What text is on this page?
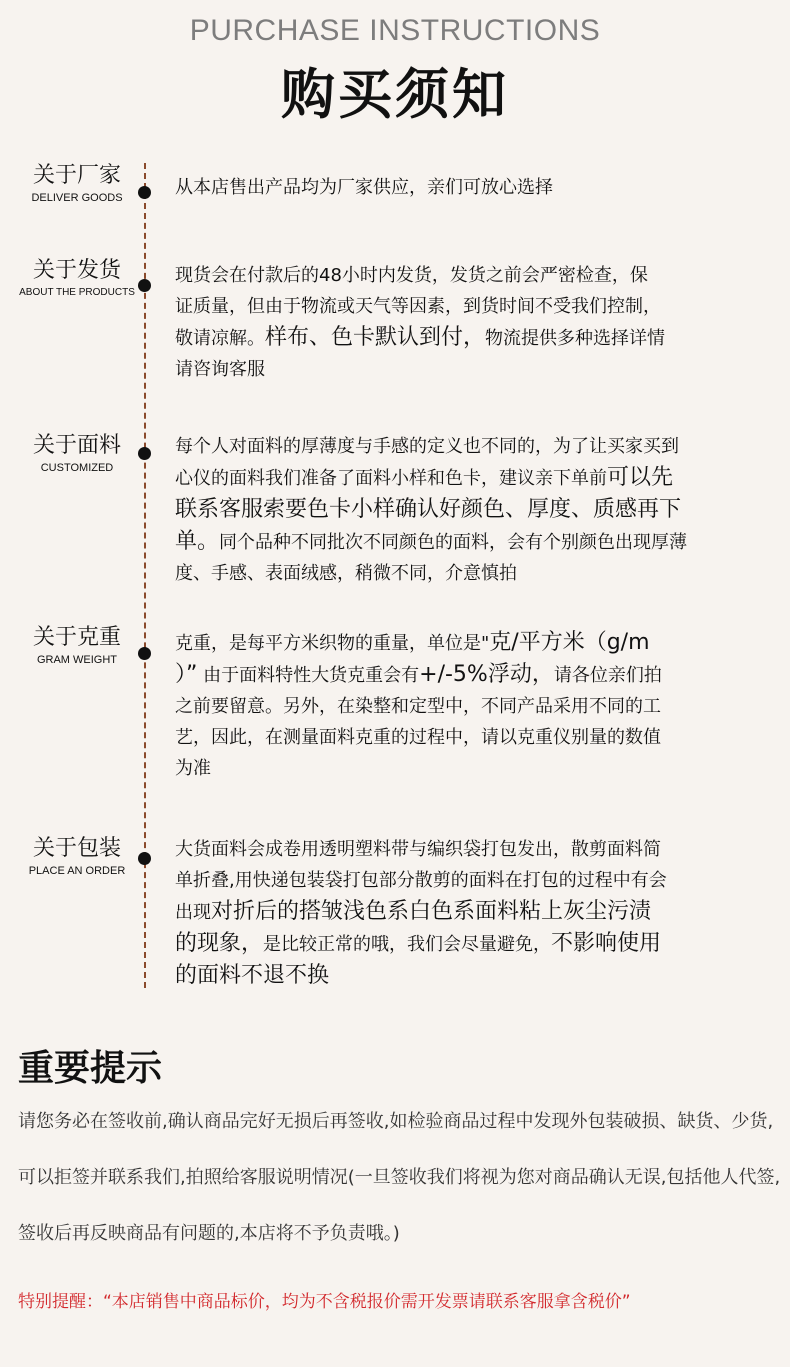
PURCHASE INSTRUCTIONS
购买须知
关于厂家
DELIVER GOODS	从本店售出产品均为厂家供应，亲们可放心选择
关于发货
ABOUT THE PRODUCTS
现货会在付款后的48小时内发货，发货之前会严密检查，保
证质量，但由于物流或天气等因素，到货时间不受我们控制，
敬请凉解。样布、色卡默认到付，物流提供多种选择详情
请咨询客服
关于面料
CUSTOMIZED
每个人对面料的厚薄度与手感的定义也不同的，为了让买家买到
心仪的面料我们准备了面料小样和色卡，建议亲下单前可以先
联系客服索要色卡小样确认好颜色、厚度、质感再下
单。同个品种不同批次不同颜色的面料，会有个别颜色出现厚薄
度、手感、表面绒感，稍微不同，介意慎拍
关于克重
GRAM WEIGHT
克重，是每平方米织物的重量，单位是"克/平方米（g/m
）” 由于面料特性大货克重会有+/-5%浮动，请各位亲们拍
之前要留意。另外，在染整和定型中，不同产品采用不同的工
艺，因此，在测量面料克重的过程中，请以克重仪别量的数值
为准
关于包装
PLACE AN ORDER
大货面料会成卷用透明塑料带与编织袋打包发出，散剪面料简
单折叠,用快递包装袋打包部分散剪的面料在打包的过程中有会
出现对折后的搭皱浅色系白色系面料粘上灰尘污渍
的现象，是比较正常的哦，我们会尽量避免，不影响使用
的面料不退不换
重要提示
请您务必在签收前,确认商品完好无损后再签收,如检验商品过程中发现外包装破损、缺货、少货,可以拒签并联系我们,拍照给客服说明情况(一旦签收我们将视为您对商品确认无误,包括他人代签,签收后再反映商品有问题的,本店将不予负责哦。)
特别提醒：“本店销售中商品标价，均为不含税报价需开发票请联系客服拿含税价”
